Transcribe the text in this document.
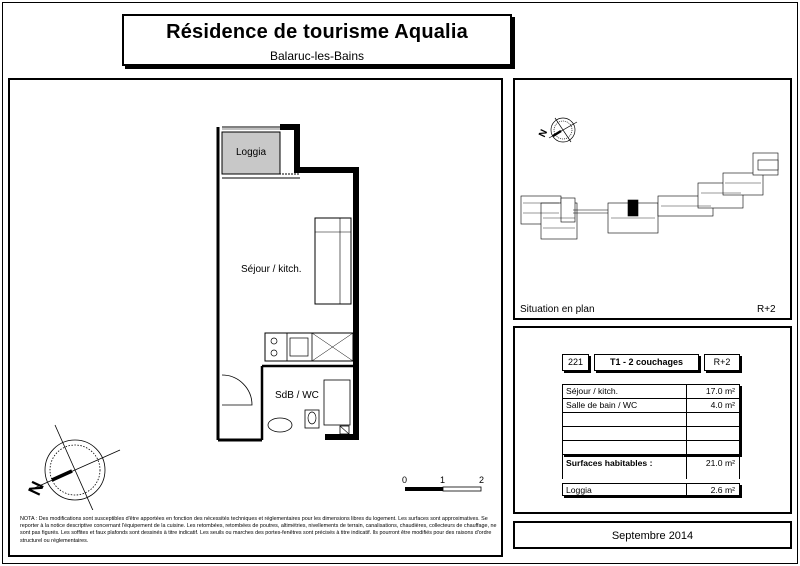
Résidence de tourisme Aqualia
Balaruc-les-Bains
Loggia
Séjour / kitch.
SdB / WC
N	0	1	2
NOTA : Des modifications sont susceptibles d'être apportées en fonction des nécessités techniques et réglementaires pour les dimensions libres du logement. Les surfaces sont approximatives. Se reporter à la notice descriptive concernant l'équipement de la cuisine. Les retombées, retombées de poutres, altimétries, nivellements de terrain, canalisations, chaudières, collecteurs de chauffage, ne sont pas figurés. Les soffites et faux plafonds sont dessinés à titre indicatif. Les seuils ou marches des portes-fenêtres sont précisés à titre indicatif. Ils pourront être modifiés pour des raisons d'ordre structurel ou réglementaires.
Situation en plan	R+2
N
221	T1 - 2 couchages	R+2
Séjour / kitch.	17.0 m²
Salle de bain / WC	4.0 m²
Surfaces habitables :	21.0 m²
Loggia	2.6 m²
Septembre 2014
